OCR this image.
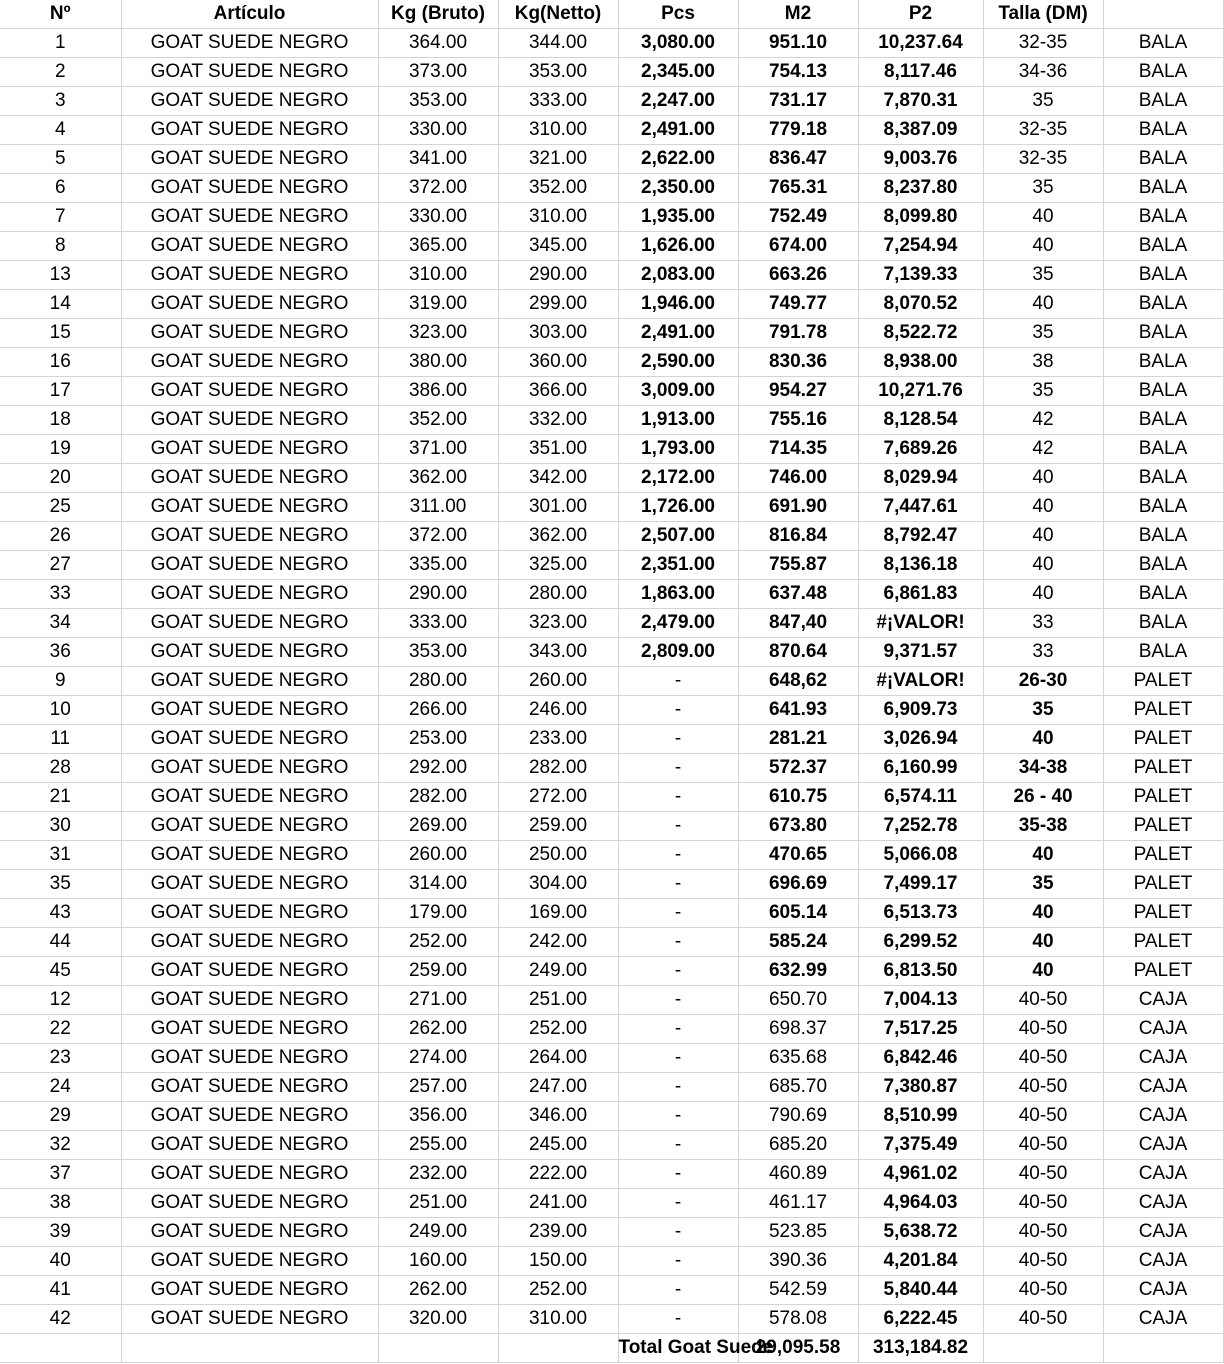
Nº	Artículo	Kg (Bruto)	Kg(Netto)	Pcs	M2	P2	Talla (DM)	
1	GOAT SUEDE NEGRO	364.00	344.00	3,080.00	951.10	10,237.64	32-35	BALA
2	GOAT SUEDE NEGRO	373.00	353.00	2,345.00	754.13	8,117.46	34-36	BALA
3	GOAT SUEDE NEGRO	353.00	333.00	2,247.00	731.17	7,870.31	35	BALA
4	GOAT SUEDE NEGRO	330.00	310.00	2,491.00	779.18	8,387.09	32-35	BALA
5	GOAT SUEDE NEGRO	341.00	321.00	2,622.00	836.47	9,003.76	32-35	BALA
6	GOAT SUEDE NEGRO	372.00	352.00	2,350.00	765.31	8,237.80	35	BALA
7	GOAT SUEDE NEGRO	330.00	310.00	1,935.00	752.49	8,099.80	40	BALA
8	GOAT SUEDE NEGRO	365.00	345.00	1,626.00	674.00	7,254.94	40	BALA
13	GOAT SUEDE NEGRO	310.00	290.00	2,083.00	663.26	7,139.33	35	BALA
14	GOAT SUEDE NEGRO	319.00	299.00	1,946.00	749.77	8,070.52	40	BALA
15	GOAT SUEDE NEGRO	323.00	303.00	2,491.00	791.78	8,522.72	35	BALA
16	GOAT SUEDE NEGRO	380.00	360.00	2,590.00	830.36	8,938.00	38	BALA
17	GOAT SUEDE NEGRO	386.00	366.00	3,009.00	954.27	10,271.76	35	BALA
18	GOAT SUEDE NEGRO	352.00	332.00	1,913.00	755.16	8,128.54	42	BALA
19	GOAT SUEDE NEGRO	371.00	351.00	1,793.00	714.35	7,689.26	42	BALA
20	GOAT SUEDE NEGRO	362.00	342.00	2,172.00	746.00	8,029.94	40	BALA
25	GOAT SUEDE NEGRO	311.00	301.00	1,726.00	691.90	7,447.61	40	BALA
26	GOAT SUEDE NEGRO	372.00	362.00	2,507.00	816.84	8,792.47	40	BALA
27	GOAT SUEDE NEGRO	335.00	325.00	2,351.00	755.87	8,136.18	40	BALA
33	GOAT SUEDE NEGRO	290.00	280.00	1,863.00	637.48	6,861.83	40	BALA
34	GOAT SUEDE NEGRO	333.00	323.00	2,479.00	847,40	#¡VALOR!	33	BALA
36	GOAT SUEDE NEGRO	353.00	343.00	2,809.00	870.64	9,371.57	33	BALA
9	GOAT SUEDE NEGRO	280.00	260.00	-	648,62	#¡VALOR!	26-30	PALET
10	GOAT SUEDE NEGRO	266.00	246.00	-	641.93	6,909.73	35	PALET
11	GOAT SUEDE NEGRO	253.00	233.00	-	281.21	3,026.94	40	PALET
28	GOAT SUEDE NEGRO	292.00	282.00	-	572.37	6,160.99	34-38	PALET
21	GOAT SUEDE NEGRO	282.00	272.00	-	610.75	6,574.11	26 - 40	PALET
30	GOAT SUEDE NEGRO	269.00	259.00	-	673.80	7,252.78	35-38	PALET
31	GOAT SUEDE NEGRO	260.00	250.00	-	470.65	5,066.08	40	PALET
35	GOAT SUEDE NEGRO	314.00	304.00	-	696.69	7,499.17	35	PALET
43	GOAT SUEDE NEGRO	179.00	169.00	-	605.14	6,513.73	40	PALET
44	GOAT SUEDE NEGRO	252.00	242.00	-	585.24	6,299.52	40	PALET
45	GOAT SUEDE NEGRO	259.00	249.00	-	632.99	6,813.50	40	PALET
12	GOAT SUEDE NEGRO	271.00	251.00	-	650.70	7,004.13	40-50	CAJA
22	GOAT SUEDE NEGRO	262.00	252.00	-	698.37	7,517.25	40-50	CAJA
23	GOAT SUEDE NEGRO	274.00	264.00	-	635.68	6,842.46	40-50	CAJA
24	GOAT SUEDE NEGRO	257.00	247.00	-	685.70	7,380.87	40-50	CAJA
29	GOAT SUEDE NEGRO	356.00	346.00	-	790.69	8,510.99	40-50	CAJA
32	GOAT SUEDE NEGRO	255.00	245.00	-	685.20	7,375.49	40-50	CAJA
37	GOAT SUEDE NEGRO	232.00	222.00	-	460.89	4,961.02	40-50	CAJA
38	GOAT SUEDE NEGRO	251.00	241.00	-	461.17	4,964.03	40-50	CAJA
39	GOAT SUEDE NEGRO	249.00	239.00	-	523.85	5,638.72	40-50	CAJA
40	GOAT SUEDE NEGRO	160.00	150.00	-	390.36	4,201.84	40-50	CAJA
41	GOAT SUEDE NEGRO	262.00	252.00	-	542.59	5,840.44	40-50	CAJA
42	GOAT SUEDE NEGRO	320.00	310.00	-	578.08	6,222.45	40-50	CAJA
				Total Goat Suede	29,095.58	313,184.82		
